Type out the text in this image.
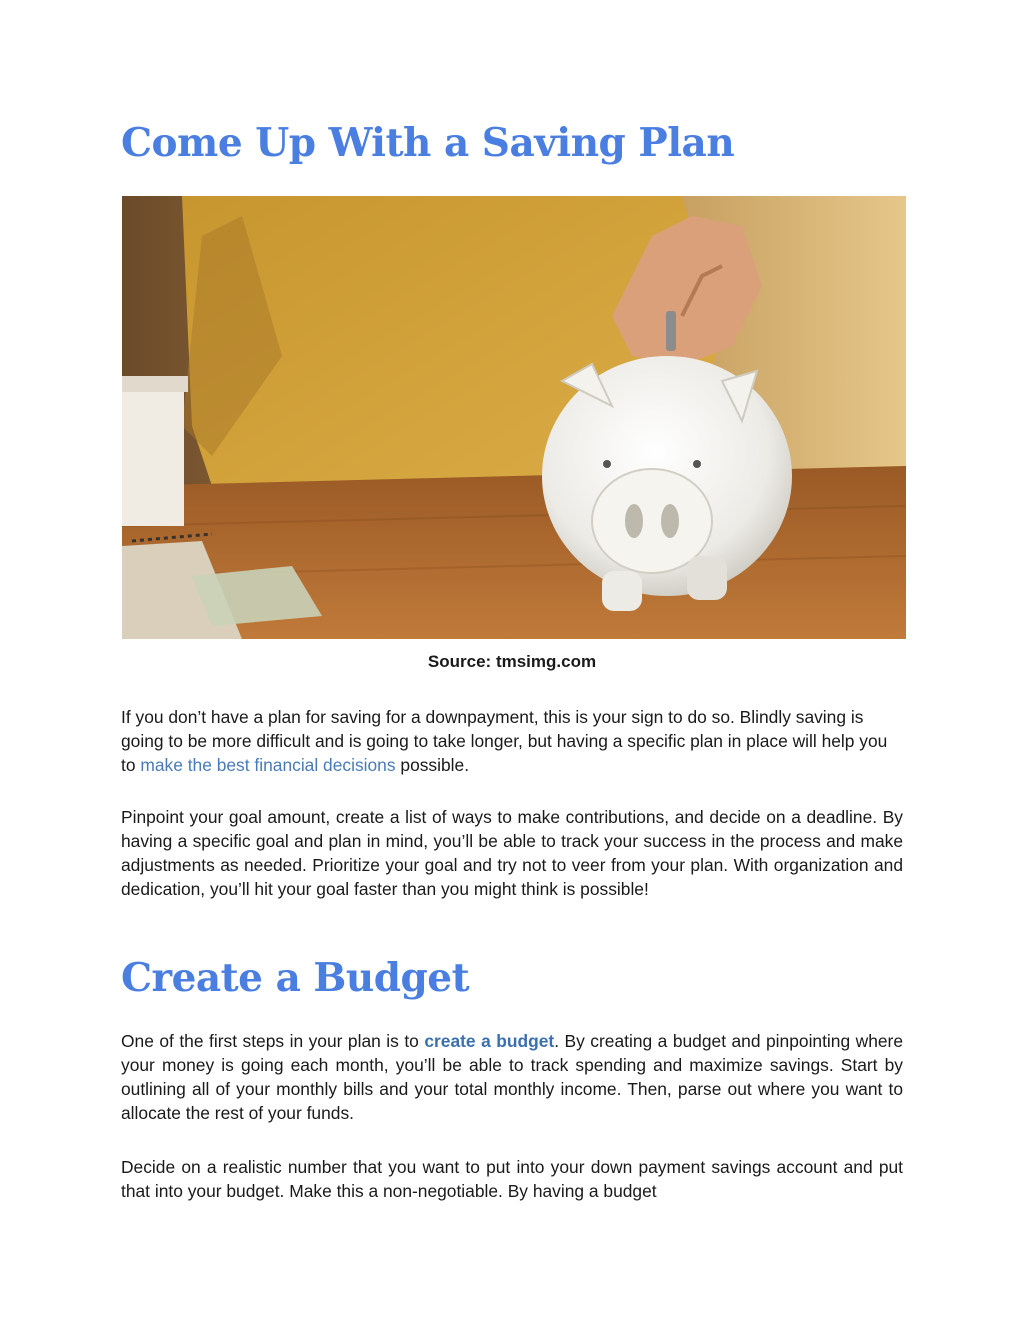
Come Up With a Saving Plan
Source: tmsimg.com

If you don’t have a plan for saving for a downpayment, this is your sign to do so. Blindly saving is going to be more difficult and is going to take longer, but having a specific plan in place will help you to make the best financial decisions possible.

Pinpoint your goal amount, create a list of ways to make contributions, and decide on a deadline. By having a specific goal and plan in mind, you’ll be able to track your success in the process and make adjustments as needed. Prioritize your goal and try not to veer from your plan. With organization and dedication, you’ll hit your goal faster than you might think is possible!

Create a Budget

One of the first steps in your plan is to create a budget. By creating a budget and pinpointing where your money is going each month, you’ll be able to track spending and maximize savings. Start by outlining all of your monthly bills and your total monthly income. Then, parse out where you want to allocate the rest of your funds.

Decide on a realistic number that you want to put into your down payment savings account and put that into your budget. Make this a non-negotiable. By having a budget
